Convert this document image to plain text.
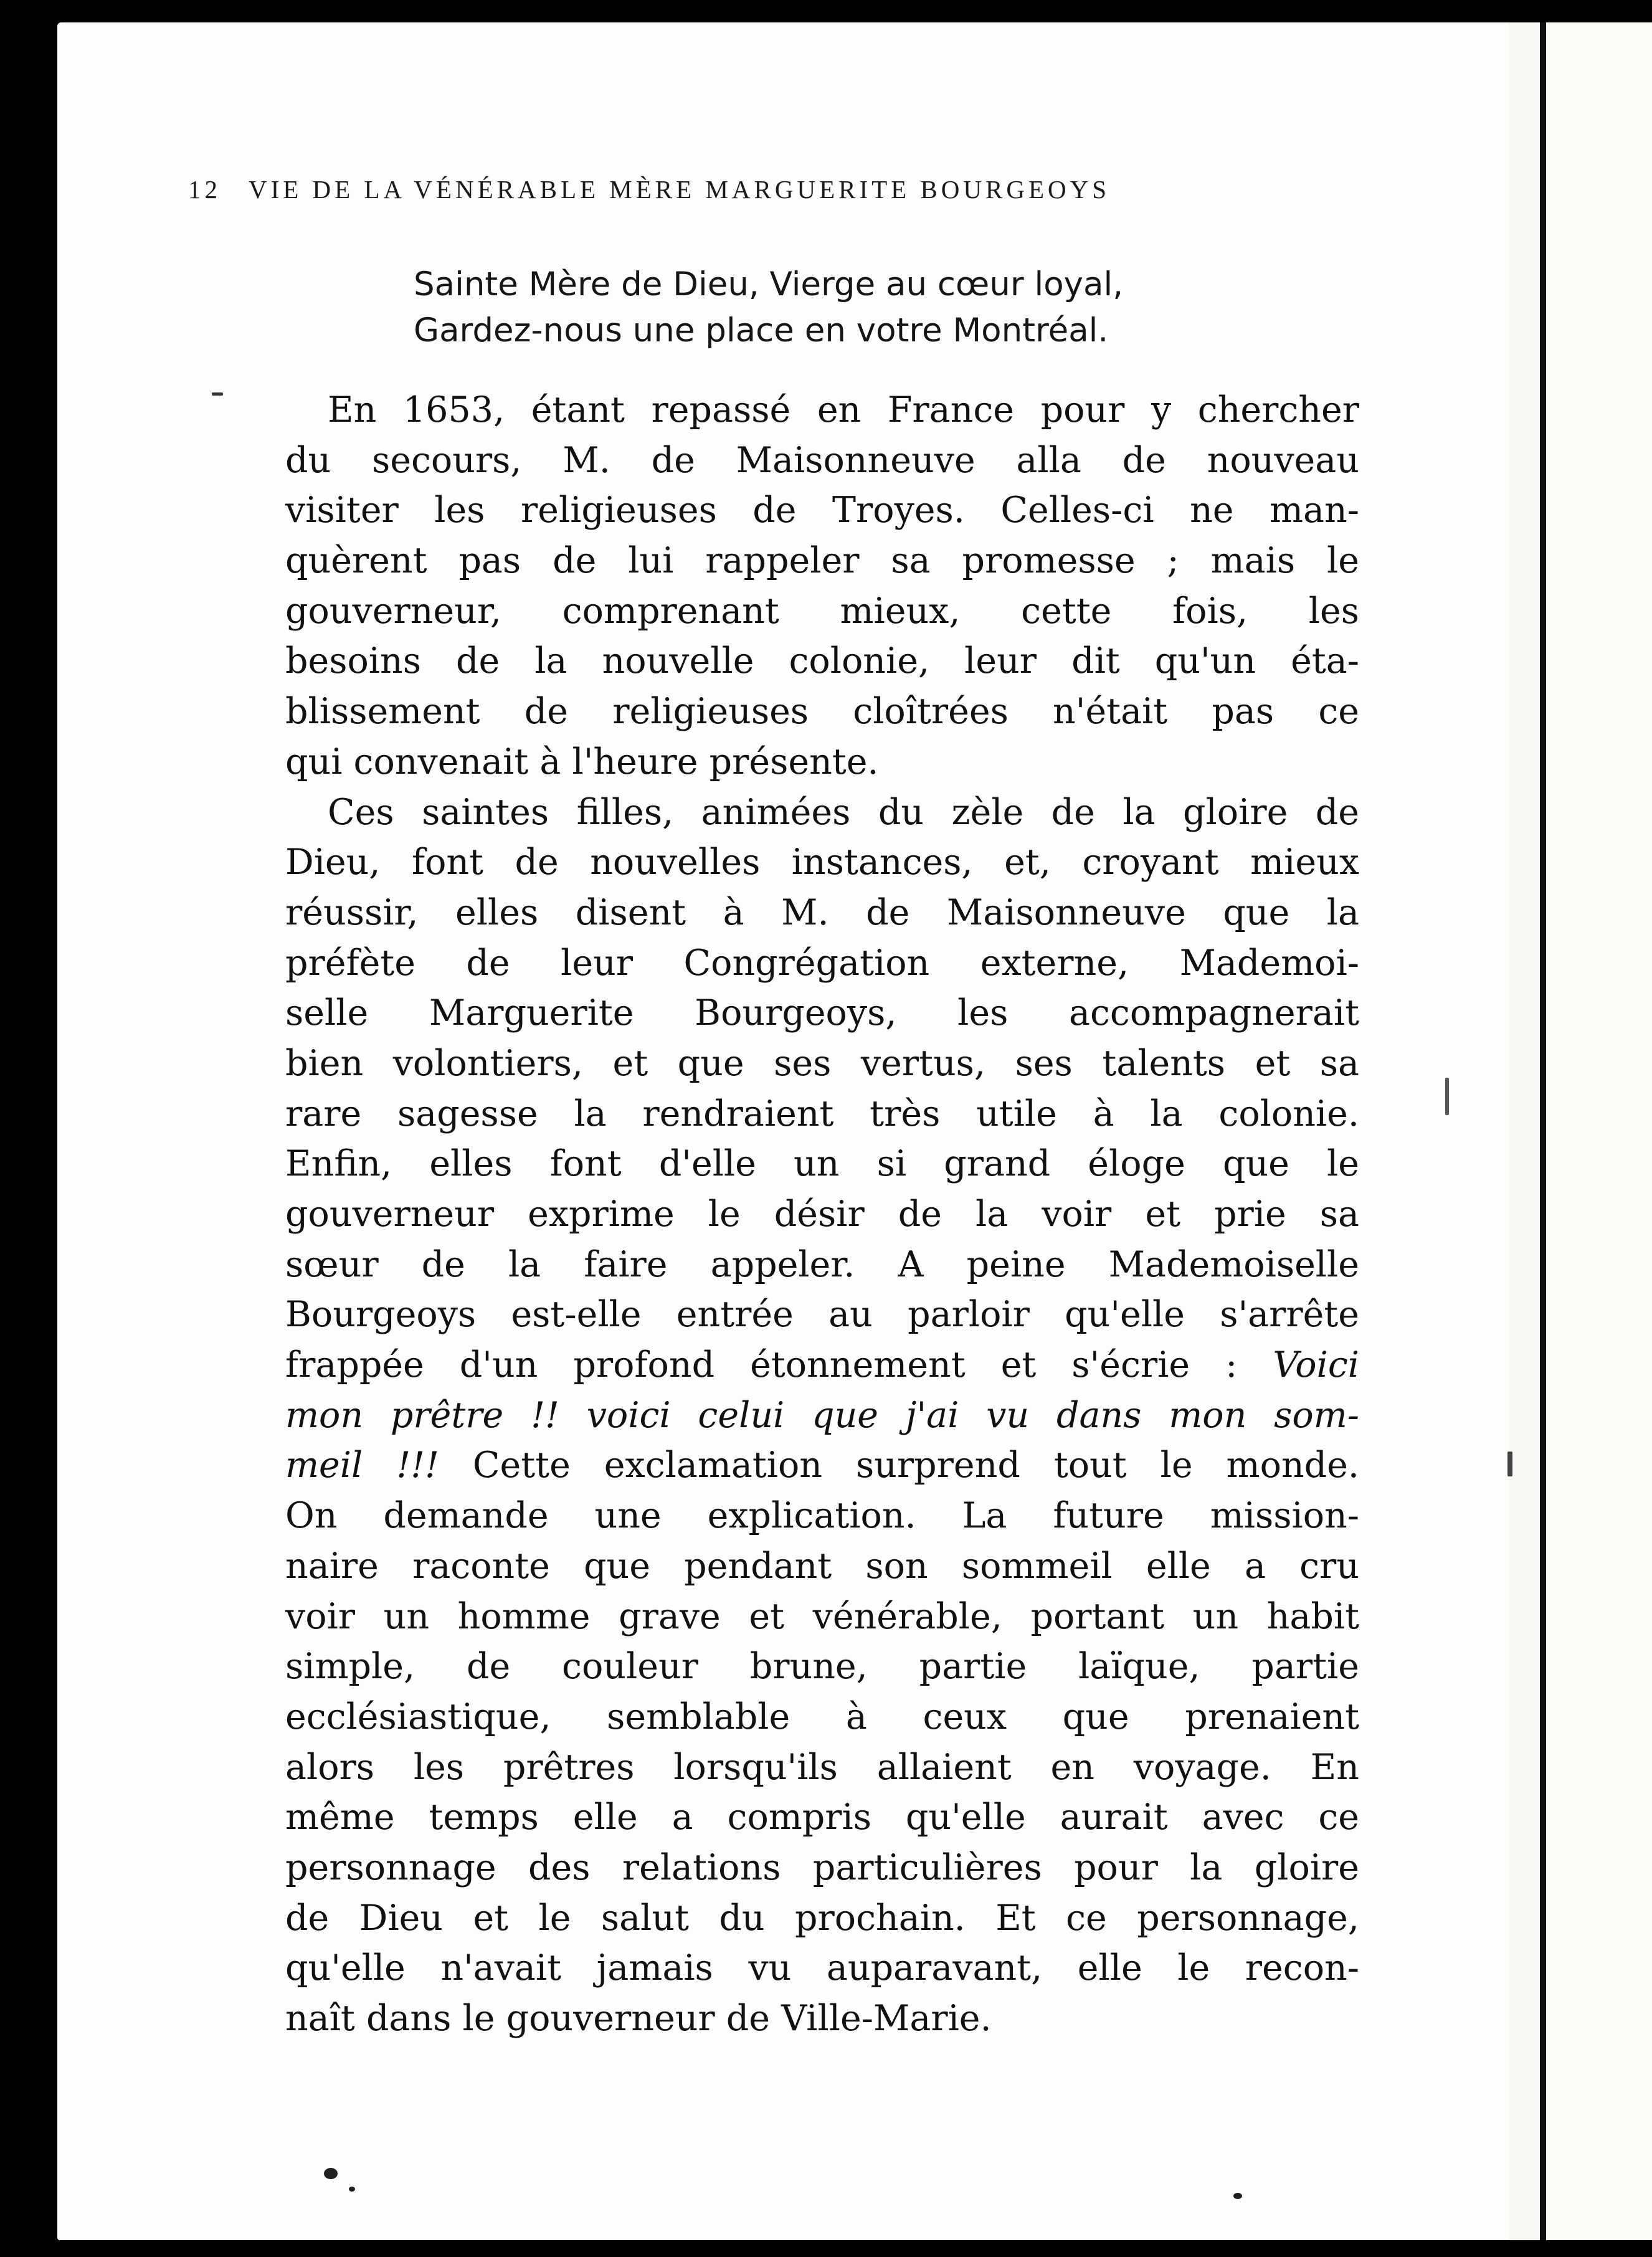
12 VIE DE LA VÉNÉRABLE MÈRE MARGUERITE BOURGEOYS
Sainte Mère de Dieu, Vierge au cœur loyal,
Gardez-nous une place en votre Montréal.
En 1653, étant repassé en France pour y chercher
du secours, M. de Maisonneuve alla de nouveau
visiter les religieuses de Troyes. Celles-ci ne man-
quèrent pas de lui rappeler sa promesse ; mais le
gouverneur, comprenant mieux, cette fois, les
besoins de la nouvelle colonie, leur dit qu'un éta-
blissement de religieuses cloîtrées n'était pas ce
qui convenait à l'heure présente.
Ces saintes filles, animées du zèle de la gloire de
Dieu, font de nouvelles instances, et, croyant mieux
réussir, elles disent à M. de Maisonneuve que la
préfète de leur Congrégation externe, Mademoi-
selle Marguerite Bourgeoys, les accompagnerait
bien volontiers, et que ses vertus, ses talents et sa
rare sagesse la rendraient très utile à la colonie.
Enfin, elles font d'elle un si grand éloge que le
gouverneur exprime le désir de la voir et prie sa
sœur de la faire appeler. A peine Mademoiselle
Bourgeoys est-elle entrée au parloir qu'elle s'arrête
frappée d'un profond étonnement et s'écrie : Voici
mon prêtre !! voici celui que j'ai vu dans mon som-
meil !!! Cette exclamation surprend tout le monde.
On demande une explication. La future mission-
naire raconte que pendant son sommeil elle a cru
voir un homme grave et vénérable, portant un habit
simple, de couleur brune, partie laïque, partie
ecclésiastique, semblable à ceux que prenaient
alors les prêtres lorsqu'ils allaient en voyage. En
même temps elle a compris qu'elle aurait avec ce
personnage des relations particulières pour la gloire
de Dieu et le salut du prochain. Et ce personnage,
qu'elle n'avait jamais vu auparavant, elle le recon-
naît dans le gouverneur de Ville-Marie.
